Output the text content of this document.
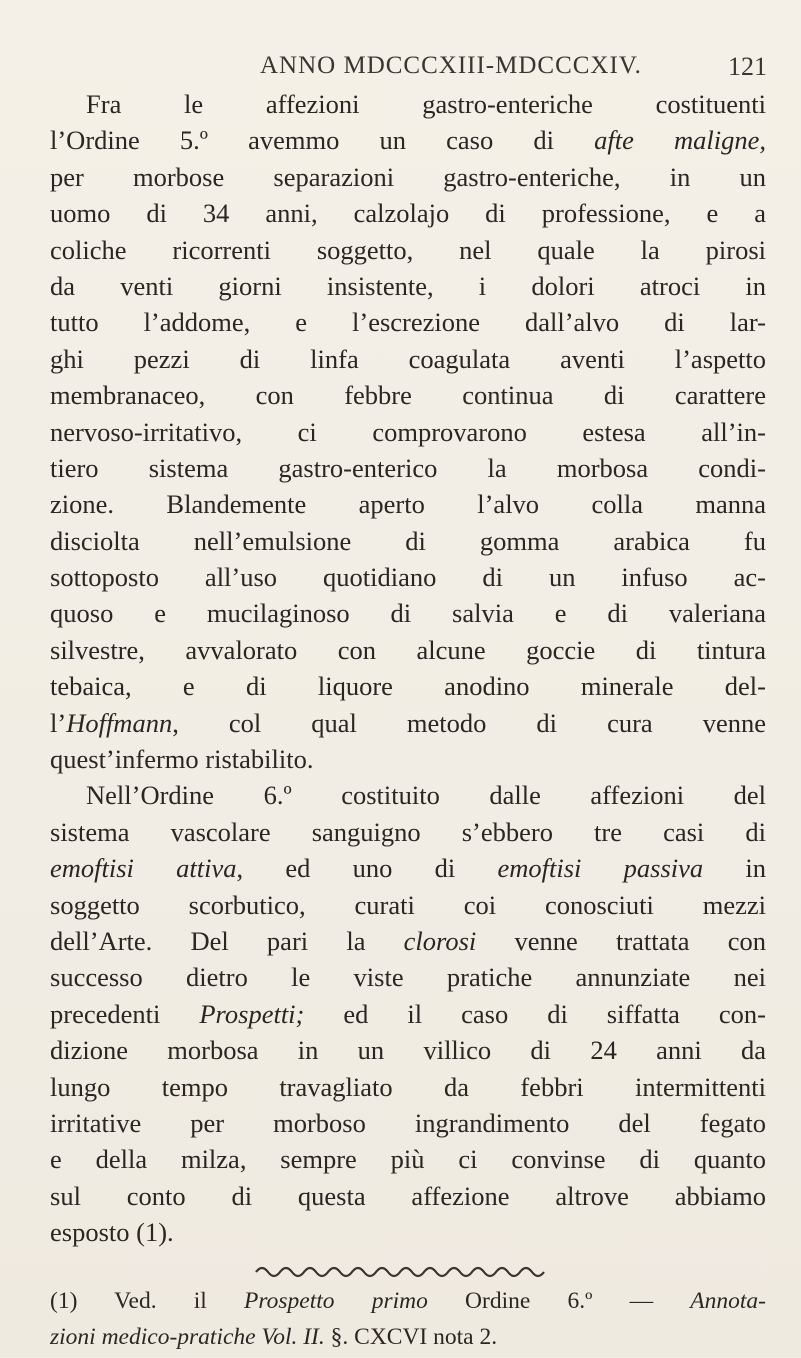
ANNO MDCCCXIII-MDCCCXIV.	121
Fra le affezioni gastro-enteriche costituenti
l’Ordine 5.º avemmo un caso di afte maligne,
per morbose separazioni gastro-enteriche, in un
uomo di 34 anni, calzolajo di professione, e a
coliche ricorrenti soggetto, nel quale la pirosi
da venti giorni insistente, i dolori atroci in
tutto l’addome, e l’escrezione dall’alvo di lar-
ghi pezzi di linfa coagulata aventi l’aspetto
membranaceo, con febbre continua di carattere
nervoso-irritativo, ci comprovarono estesa all’in-
tiero sistema gastro-enterico la morbosa condi-
zione. Blandemente aperto l’alvo colla manna
disciolta nell’emulsione di gomma arabica fu
sottoposto all’uso quotidiano di un infuso ac-
quoso e mucilaginoso di salvia e di valeriana
silvestre, avvalorato con alcune goccie di tintura
tebaica, e di liquore anodino minerale del-
l’Hoffmann, col qual metodo di cura venne
quest’infermo ristabilito.
Nell’Ordine 6.º costituito dalle affezioni del
sistema vascolare sanguigno s’ebbero tre casi di
emoftisi attiva, ed uno di emoftisi passiva in
soggetto scorbutico, curati coi conosciuti mezzi
dell’Arte. Del pari la clorosi venne trattata con
successo dietro le viste pratiche annunziate nei
precedenti Prospetti; ed il caso di siffatta con-
dizione morbosa in un villico di 24 anni da
lungo tempo travagliato da febbri intermittenti
irritative per morboso ingrandimento del fegato
e della milza, sempre più ci convinse di quanto
sul conto di questa affezione altrove abbiamo
esposto (1).
(1) Ved. il Prospetto primo Ordine 6.º — Annota-
zioni medico-pratiche Vol. II. §. CXCVI nota 2.
